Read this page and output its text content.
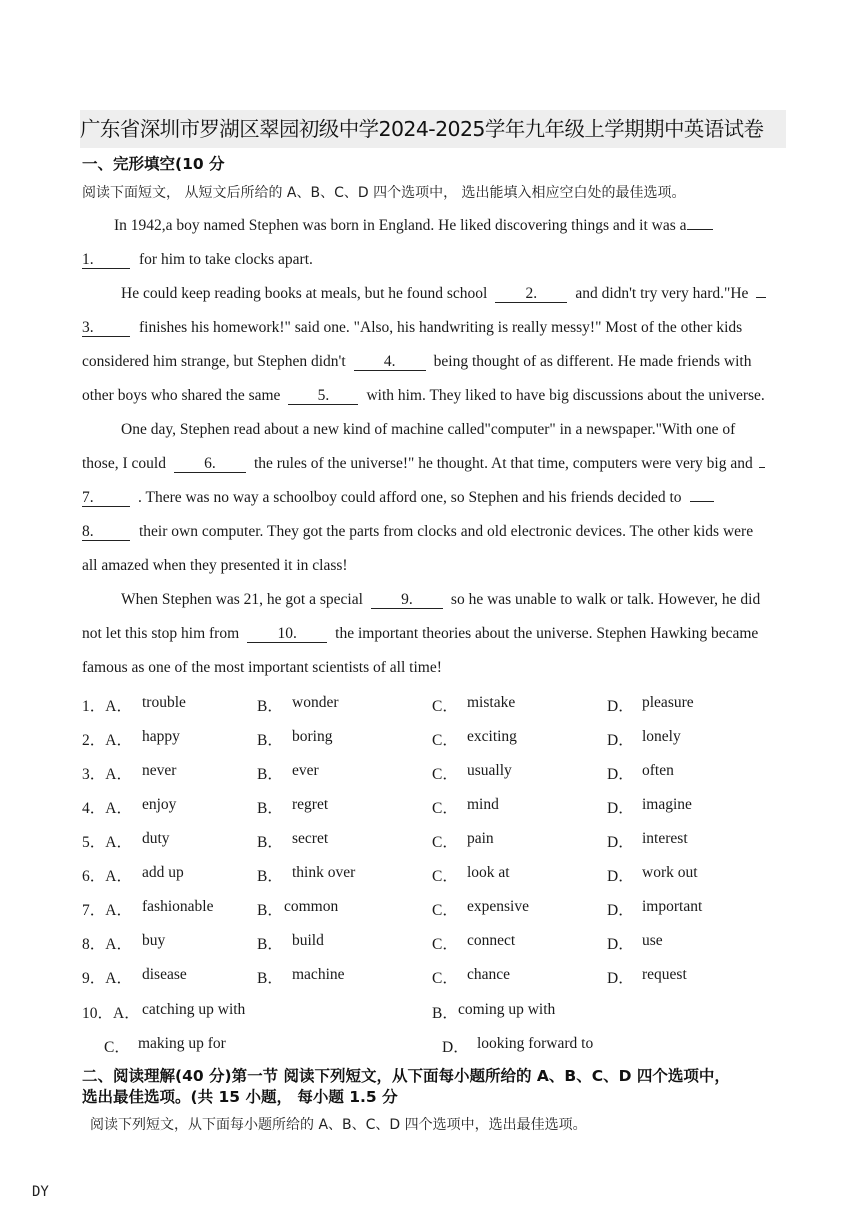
广东省深圳市罗湖区翠园初级中学2024-2025学年九年级上学期期中英语试卷
一、完形填空(10 分
阅读下面短文， 从短文后所给的 A、B、C、D 四个选项中， 选出能填入相应空白处的最佳选项。
In 1942,a boy named Stephen was born in England. He liked discovering things and it was a
1.	for him to take clocks apart.
He could keep reading books at meals, but he found school 2. and didn't try very hard."He
3.	finishes his homework!" said one. "Also, his handwriting is really messy!" Most of the other kids
considered him strange, but Stephen didn't 4. being thought of as different. He made friends with
other boys who shared the same 5. with him. They liked to have big discussions about the universe.
One day, Stephen read about a new kind of machine called"computer" in a newspaper."With one of
those, I could 6. the rules of the universe!" he thought. At that time, computers were very big and
7.	. There was no way a schoolboy could afford one, so Stephen and his friends decided to
8.	their own computer. They got the parts from clocks and old electronic devices. The other kids were
all amazed when they presented it in class!
When Stephen was 21, he got a special 9. so he was unable to walk or talk. However, he did
not let this stop him from 10. the important theories about the universe. Stephen Hawking became
famous as one of the most important scientists of all time!
1．A． trouble	B． wonder	C． mistake	D． pleasure
2．A． happy	B． boring	C． exciting	D． lonely
3．A． never	B． ever	C． usually	D． often
4．A． enjoy	B． regret	C． mind	D． imagine
5．A． duty	B． secret	C． pain	D． interest
6．A． add up	B． think over	C． look at	D． work out
7．A． fashionable	B． common	C． expensive	D． important
8．A． buy	B． build	C． connect	D． use
9．A． disease	B． machine	C． chance	D． request
10．A． catching up with	B． coming up with
C． making up for	D． looking forward to
二、阅读理解(40 分)第一节 阅读下列短文，从下面每小题所给的 A、B、C、D 四个选项中，
选出最佳选项。(共 15 小题， 每小题 1.5 分
阅读下列短文，从下面每小题所给的 A、B、C、D 四个选项中，选出最佳选项。
DY
